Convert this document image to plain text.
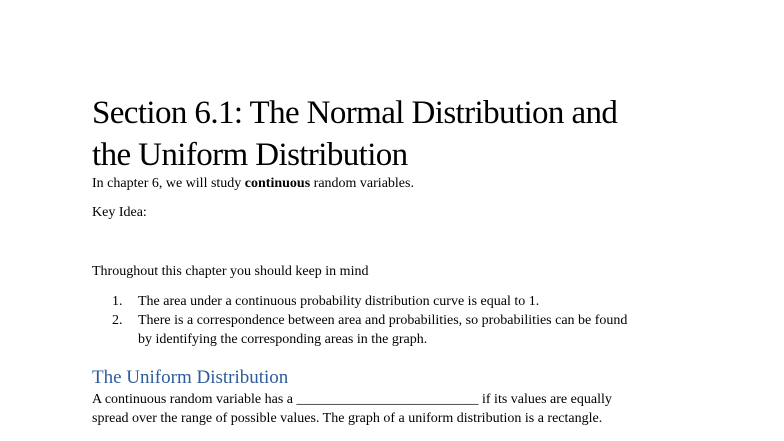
Section 6.1: The Normal Distribution and
the Uniform Distribution
In chapter 6, we will study continuous random variables.
Key Idea:
Throughout this chapter you should keep in mind
1. The area under a continuous probability distribution curve is equal to 1.
2. There is a correspondence between area and probabilities, so probabilities can be found
by identifying the corresponding areas in the graph.
The Uniform Distribution
A continuous random variable has a __________________________ if its values are equally
spread over the range of possible values. The graph of a uniform distribution is a rectangle.
